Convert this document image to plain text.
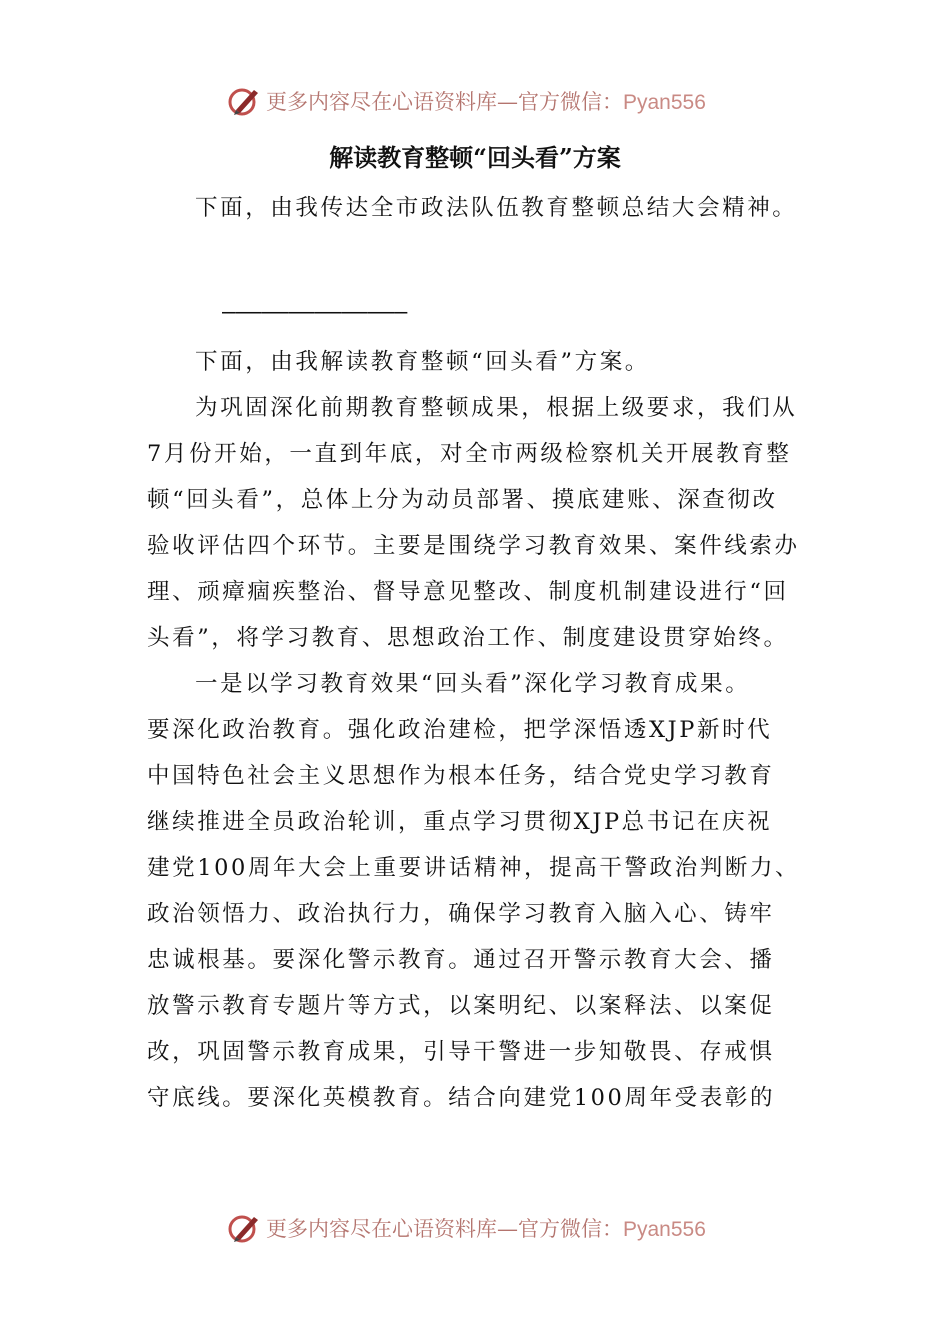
更多内容尽在心语资料库—官方微信：Pyan556
解读教育整顿“回头看”方案
下面，由我传达全市政法队伍教育整顿总结大会精神。
——————————————
下面，由我解读教育整顿“回头看”方案。
为巩固深化前期教育整顿成果，根据上级要求，我们从
7月份开始，一直到年底，对全市两级检察机关开展教育整
顿“回头看”，总体上分为动员部署、摸底建账、深查彻改
验收评估四个环节。主要是围绕学习教育效果、案件线索办
理、顽瘴痼疾整治、督导意见整改、制度机制建设进行“回
头看”，将学习教育、思想政治工作、制度建设贯穿始终。
一是以学习教育效果“回头看”深化学习教育成果。
要深化政治教育。强化政治建检，把学深悟透XJP新时代
中国特色社会主义思想作为根本任务，结合党史学习教育
继续推进全员政治轮训，重点学习贯彻XJP总书记在庆祝
建党100周年大会上重要讲话精神，提高干警政治判断力、
政治领悟力、政治执行力，确保学习教育入脑入心、铸牢
忠诚根基。要深化警示教育。通过召开警示教育大会、播
放警示教育专题片等方式，以案明纪、以案释法、以案促
改，巩固警示教育成果，引导干警进一步知敬畏、存戒惧
守底线。要深化英模教育。结合向建党100周年受表彰的
更多内容尽在心语资料库—官方微信：Pyan556
